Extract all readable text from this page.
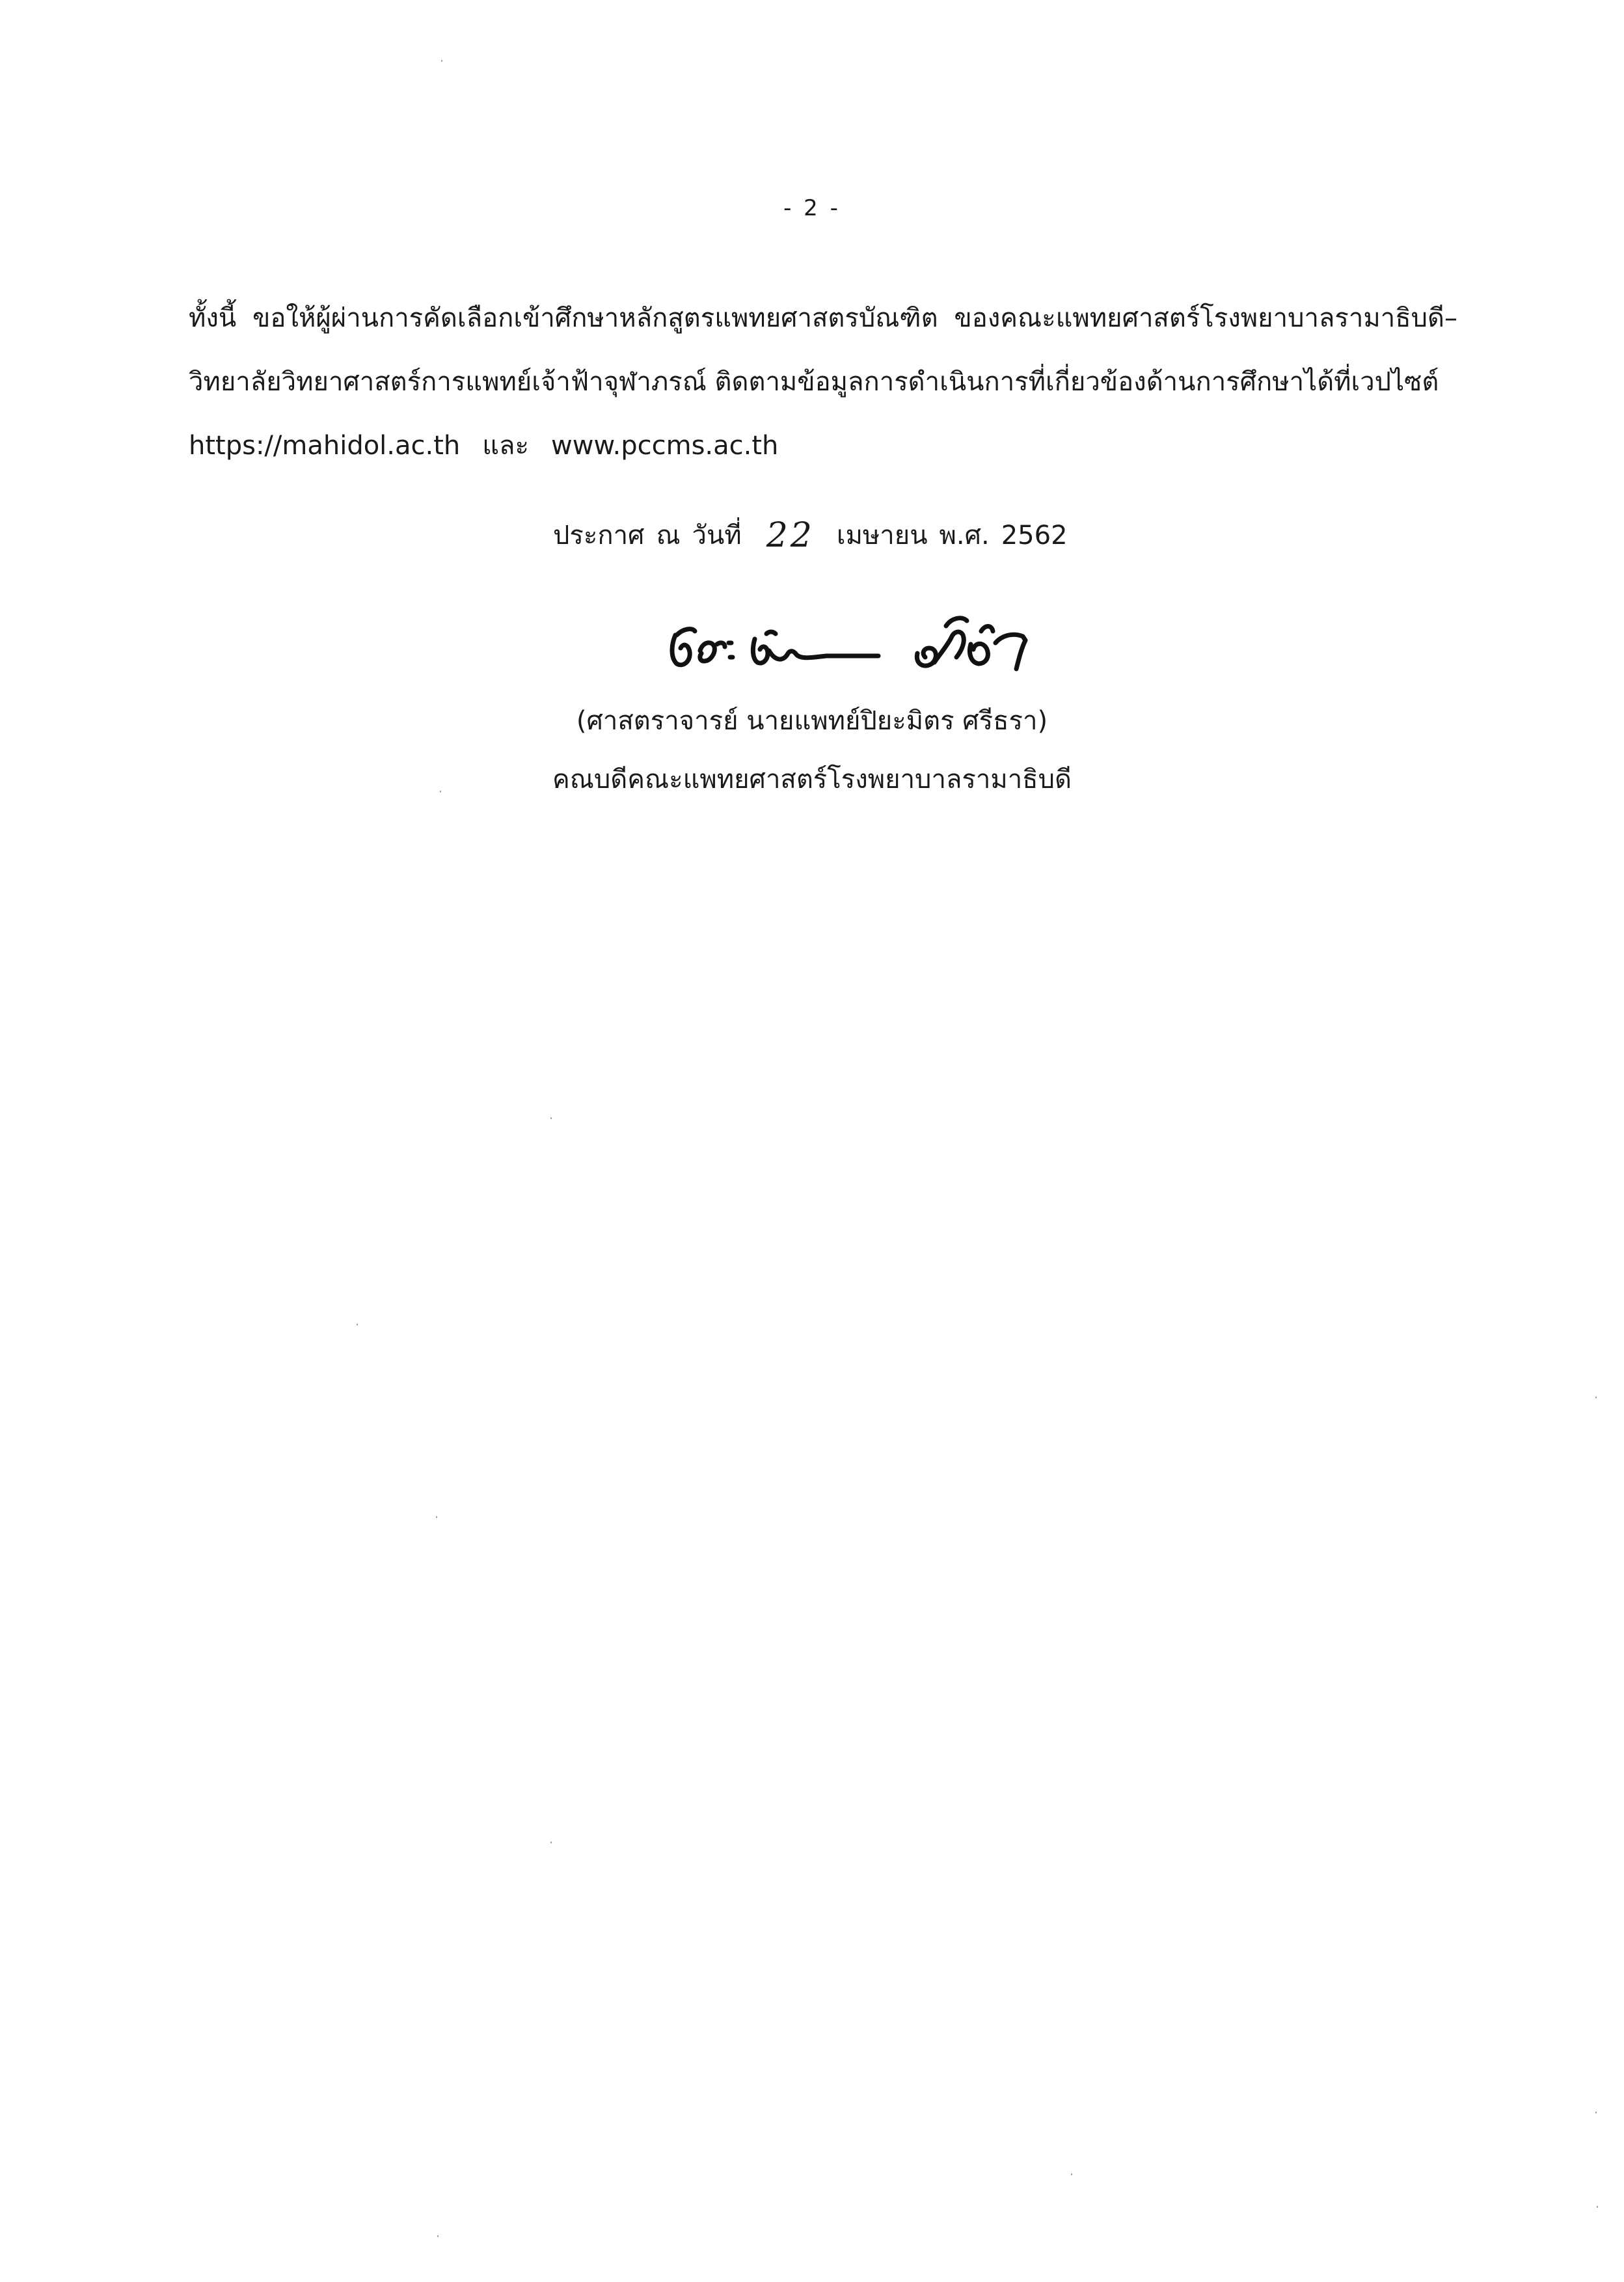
- 2 -
ทั้งนี้ ขอให้ผู้ผ่านการคัดเลือกเข้าศึกษาหลักสูตรแพทยศาสตรบัณฑิต ของคณะแพทยศาสตร์โรงพยาบาลรามาธิบดี–
วิทยาลัยวิทยาศาสตร์การแพทย์เจ้าฟ้าจุฬาภรณ์ ติดตามข้อมูลการดำเนินการที่เกี่ยวข้องด้านการศึกษาได้ที่เวปไซต์
https://mahidol.ac.th และ www.pccms.ac.th
ประกาศ ณ วันที่ 22 เมษายน พ.ศ. 2562
(ศาสตราจารย์ นายแพทย์ปิยะมิตร ศรีธรา)
คณบดีคณะแพทยศาสตร์โรงพยาบาลรามาธิบดี
